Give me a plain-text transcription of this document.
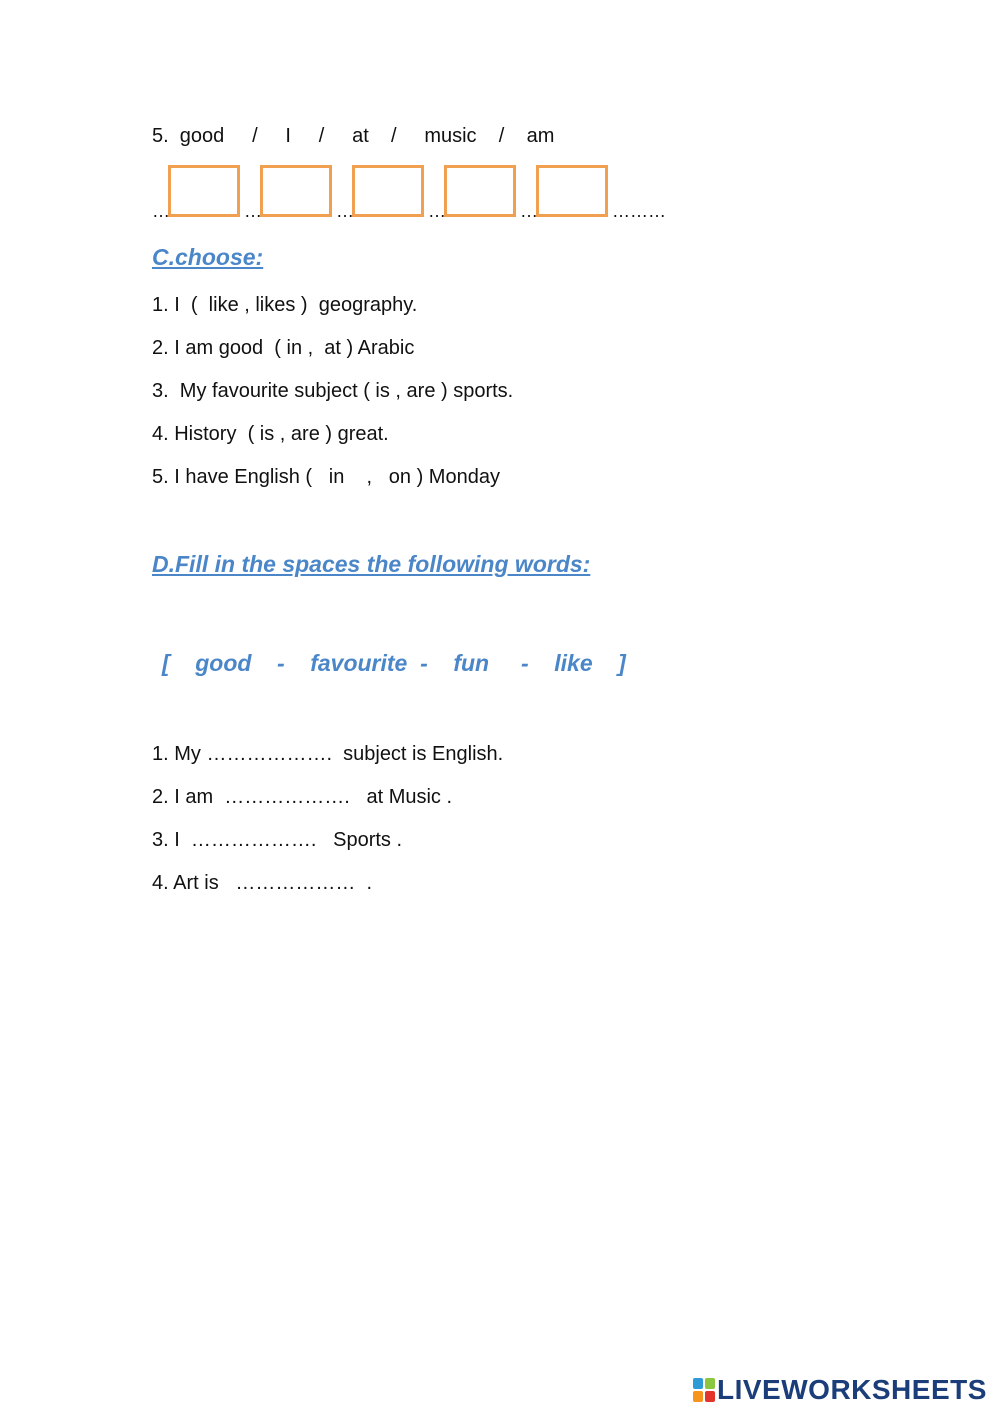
5.  good     /     I     /     at    /     music    /    am

…	…	…	…	…	………
C.choose:

1. I  (  like , likes )  geography.

2. I am good  ( in ,  at ) Arabic

3.  My favourite subject ( is , are ) sports.

4. History  ( is , are ) great.

5. I have English (   in    ,   on ) Monday

D.Fill in the spaces the following words:

[    good    -    favourite  -    fun     -    like    ]

1. My ……………….  subject is English.

2. I am  ……………….   at Music .

3. I  ……………….   Sports .

4. Art is   ………………  .

LIVEWORKSHEETS
